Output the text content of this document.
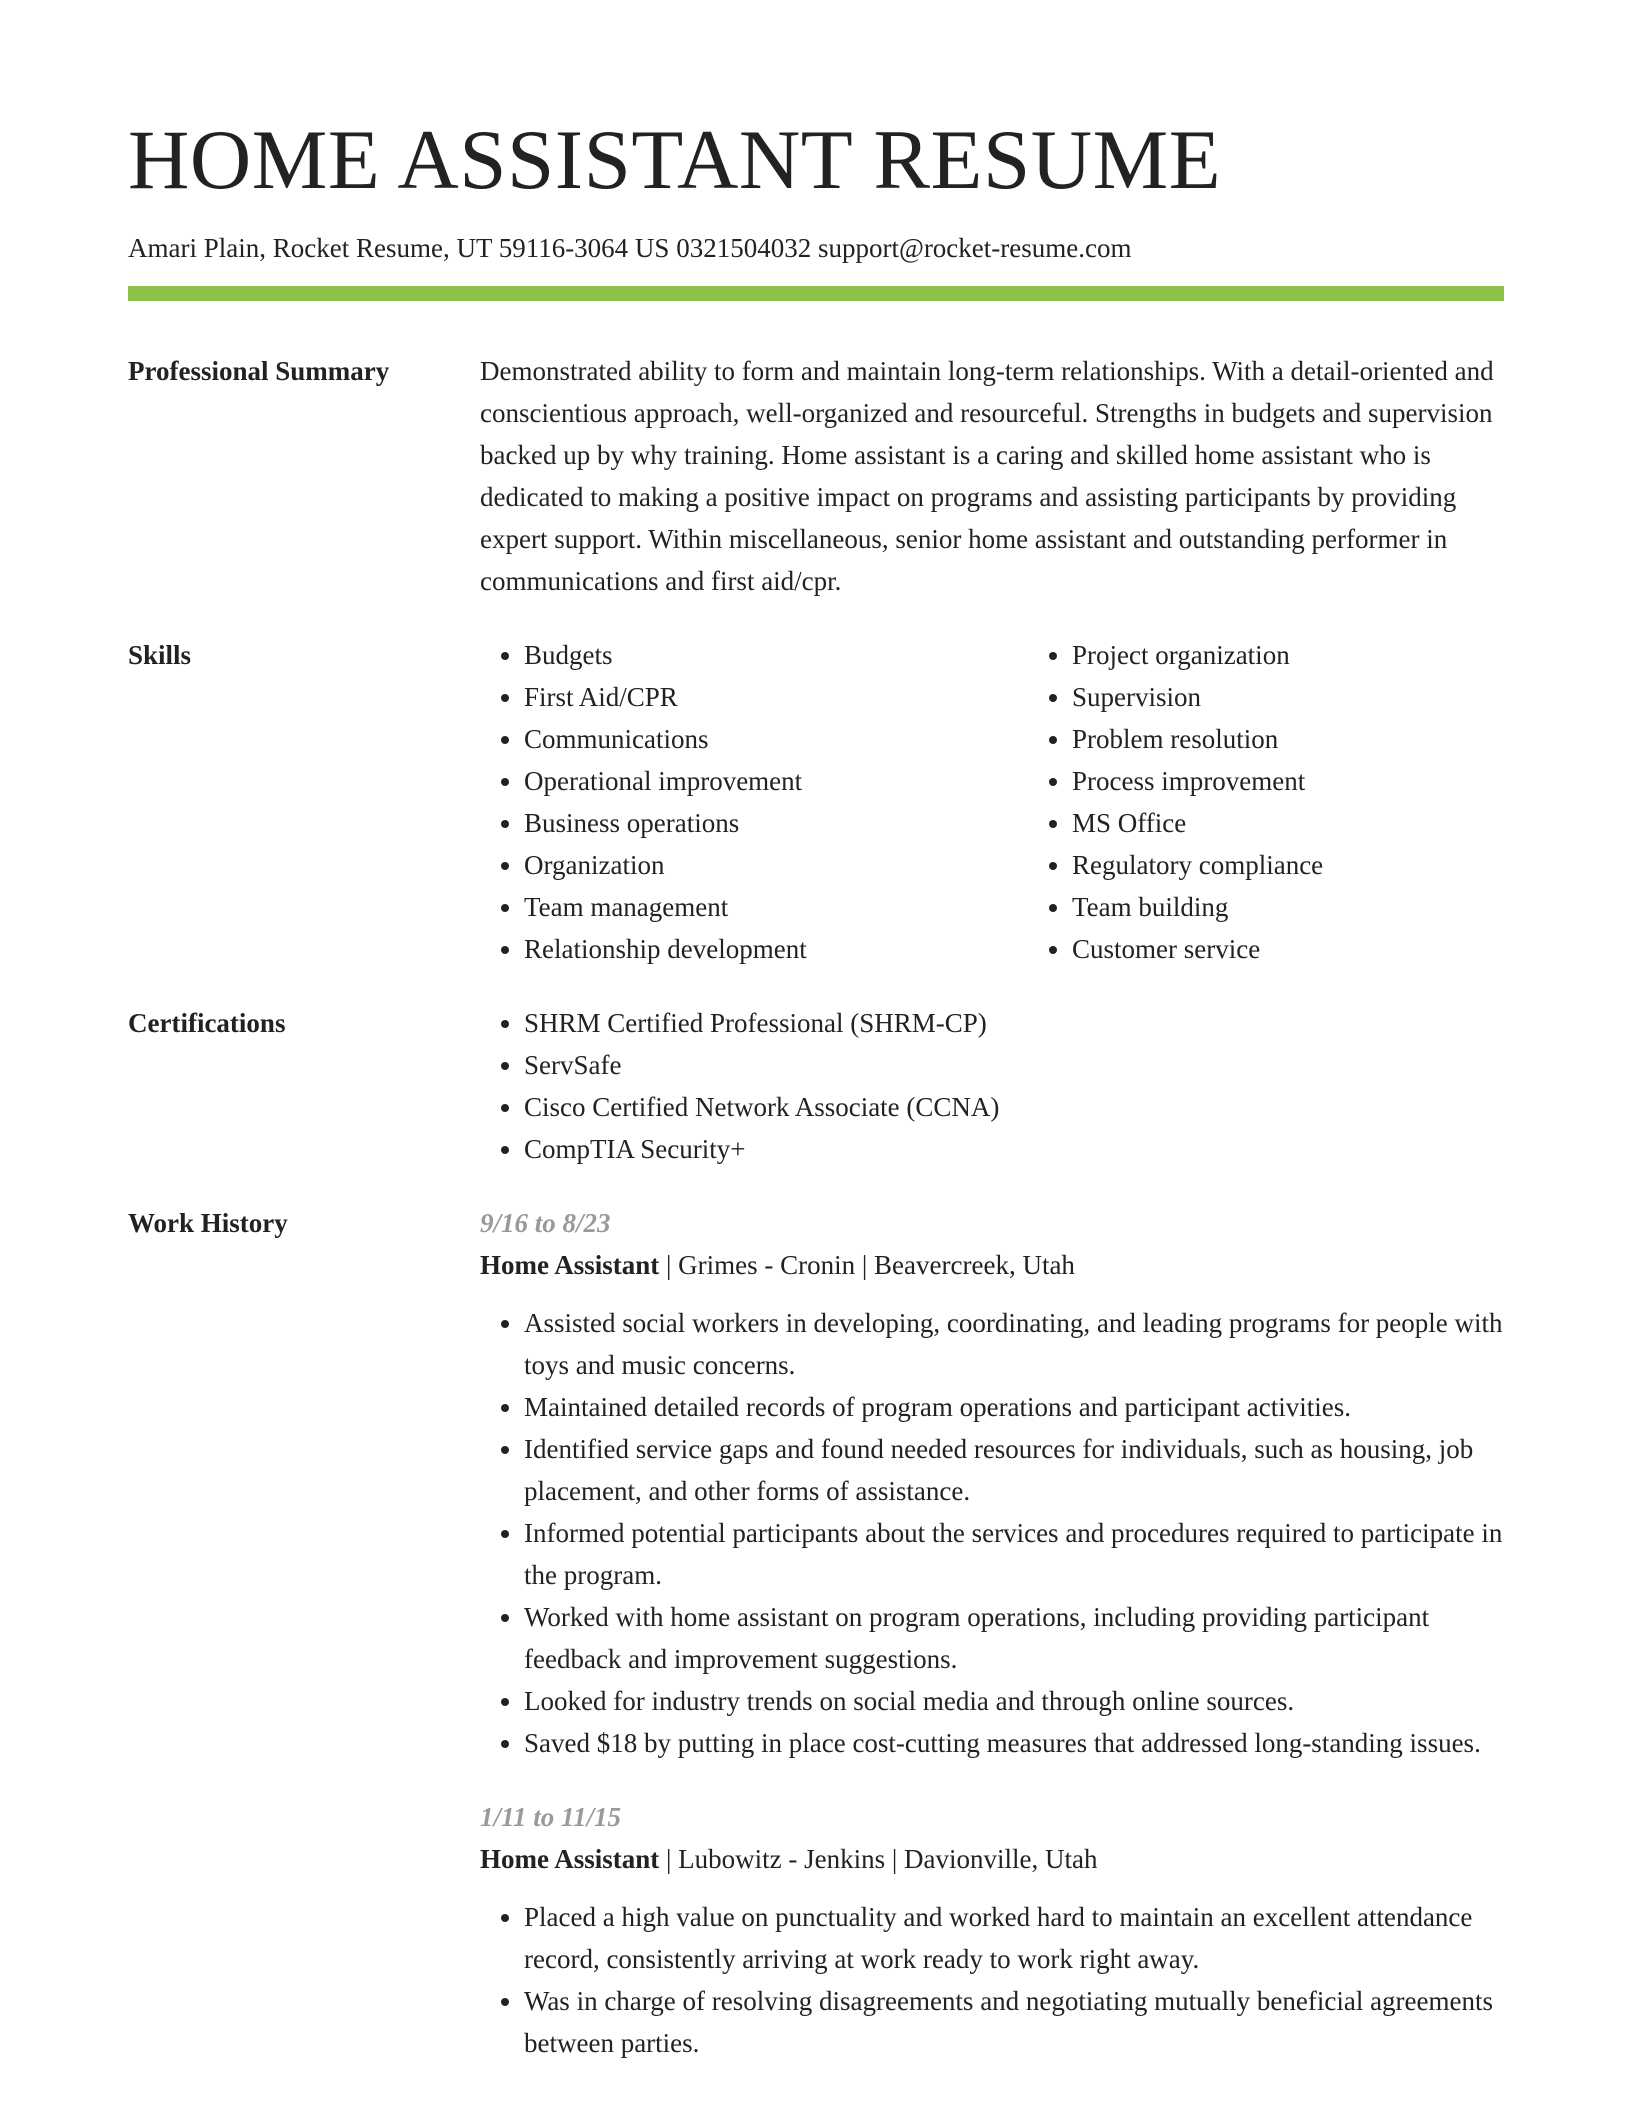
HOME ASSISTANT RESUME
Amari Plain, Rocket Resume, UT 59116-3064 US 0321504032 support@rocket-resume.com
Professional Summary	Demonstrated ability to form and maintain long-term relationships. With a detail-oriented and conscientious approach, well-organized and resourceful. Strengths in budgets and supervision backed up by why training. Home assistant is a caring and skilled home assistant who is dedicated to making a positive impact on programs and assisting participants by providing expert support. Within miscellaneous, senior home assistant and outstanding performer in communications and first aid/cpr.

Skills	• Budgets
• First Aid/CPR
• Communications
• Operational improvement
• Business operations
• Organization
• Team management
• Relationship development
• Project organization
• Supervision
• Problem resolution
• Process improvement
• MS Office
• Regulatory compliance
• Team building
• Customer service
Certifications	• SHRM Certified Professional (SHRM-CP)
• ServSafe
• Cisco Certified Network Associate (CCNA)
• CompTIA Security+
Work History	9/16 to 8/23

Home Assistant | Grimes - Cronin | Beavercreek, Utah

• Assisted social workers in developing, coordinating, and leading programs for people with toys and music concerns.
• Maintained detailed records of program operations and participant activities.
• Identified service gaps and found needed resources for individuals, such as housing, job placement, and other forms of assistance.
• Informed potential participants about the services and procedures required to participate in the program.
• Worked with home assistant on program operations, including providing participant feedback and improvement suggestions.
• Looked for industry trends on social media and through online sources.
• Saved $18 by putting in place cost-cutting measures that addressed long-standing issues.
1/11 to 11/15

Home Assistant | Lubowitz - Jenkins | Davionville, Utah

• Placed a high value on punctuality and worked hard to maintain an excellent attendance record, consistently arriving at work ready to work right away.
• Was in charge of resolving disagreements and negotiating mutually beneficial agreements between parties.
